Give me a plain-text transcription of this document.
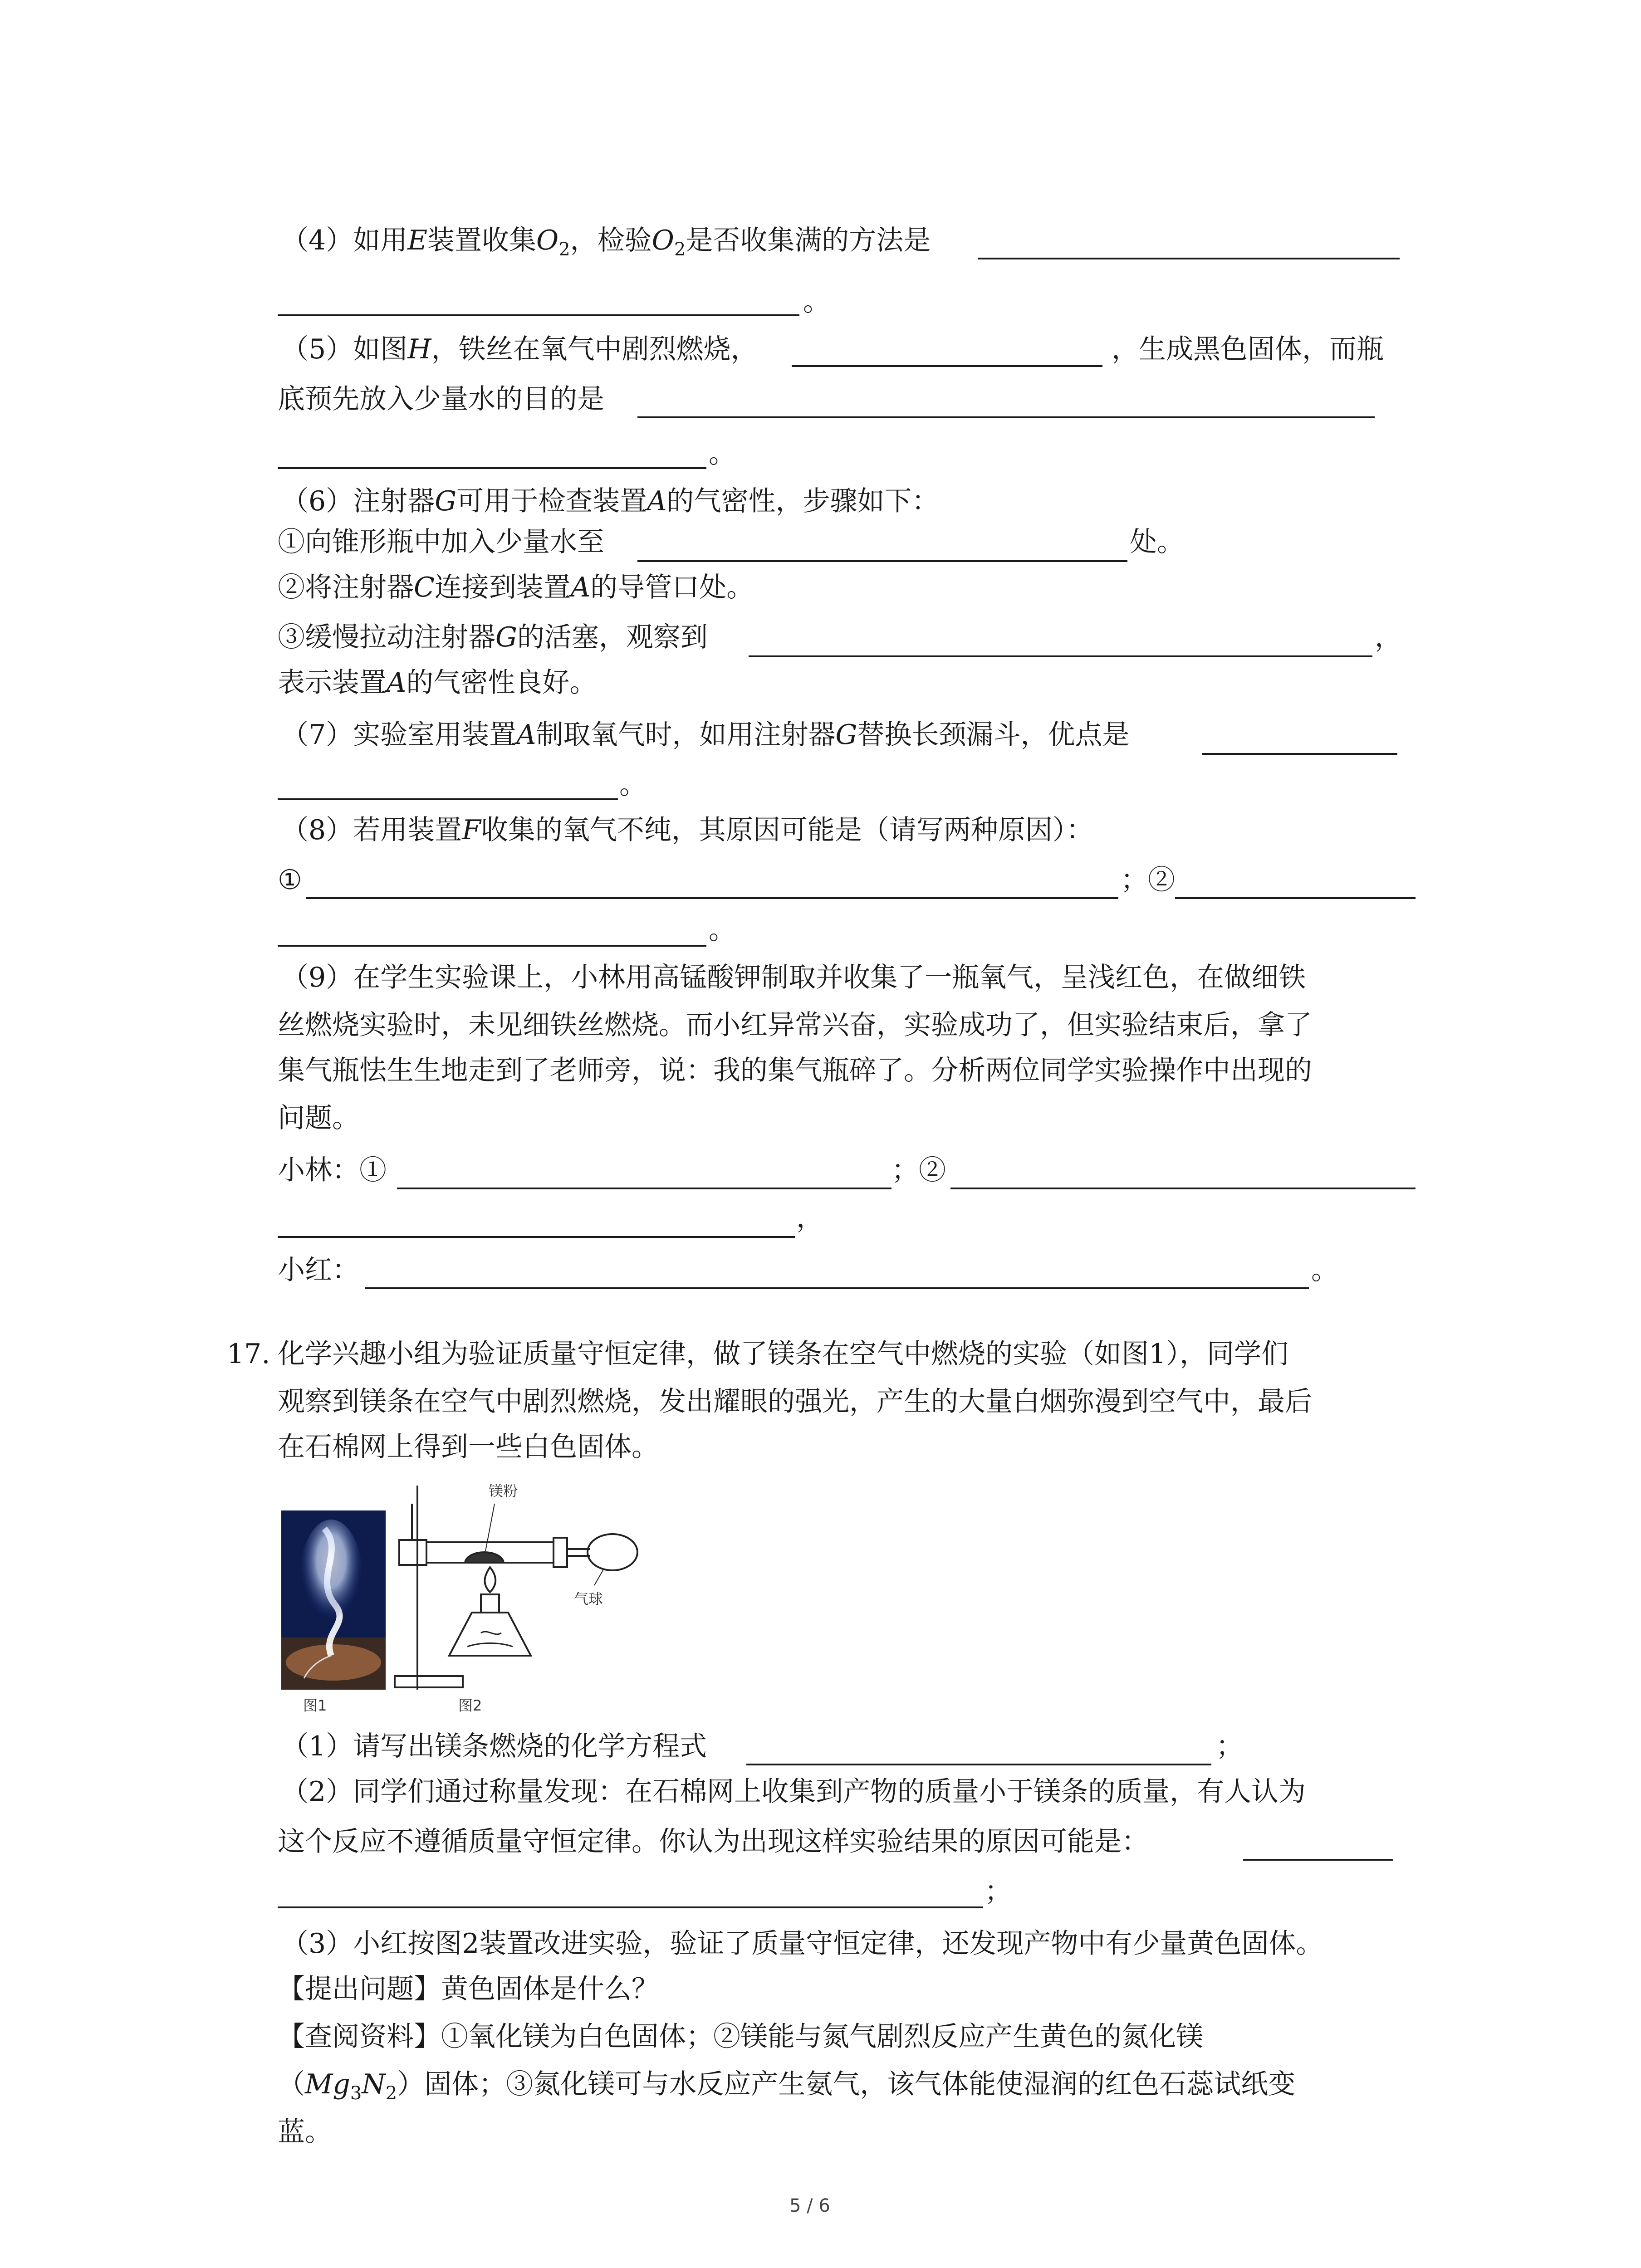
（4）如用E装置收集$O_2$，检验$O_2$是否收集满的方法是
。
（5）如图H，铁丝在氧气中剧烈燃烧，	，生成黑色固体，而瓶
底预先放入少量水的目的是
。
（6）注射器G可用于检查装置A的气密性，步骤如下：
①向锥形瓶中加入少量水至	处。
②将注射器C连接到装置A的导管口处。
③缓慢拉动注射器G的活塞，观察到	，
表示装置A的气密性良好。
（7）实验室用装置A制取氧气时，如用注射器G替换长颈漏斗，优点是
。
（8）若用装置F收集的氧气不纯，其原因可能是（请写两种原因）：
①	；②
。
（9）在学生实验课上，小林用高锰酸钾制取并收集了一瓶氧气，呈浅红色，在做细铁
丝燃烧实验时，未见细铁丝燃烧。而小红异常兴奋，实验成功了，但实验结束后，拿了
集气瓶怯生生地走到了老师旁，说：我的集气瓶碎了。分析两位同学实验操作中出现的
问题。
小林：①	；②
，
小红：	。
17. 化学兴趣小组为验证质量守恒定律，做了镁条在空气中燃烧的实验（如图1），同学们
观察到镁条在空气中剧烈燃烧，发出耀眼的强光，产生的大量白烟弥漫到空气中，最后
在石棉网上得到一些白色固体。
图1
镁粉
气球
图2
（1）请写出镁条燃烧的化学方程式	；
（2）同学们通过称量发现：在石棉网上收集到产物的质量小于镁条的质量，有人认为
这个反应不遵循质量守恒定律。你认为出现这样实验结果的原因可能是：
；
（3）小红按图2装置改进实验，验证了质量守恒定律，还发现产物中有少量黄色固体。
【提出问题】黄色固体是什么？
【查阅资料】①氧化镁为白色固体；②镁能与氮气剧烈反应产生黄色的氮化镁
$(Mg_3N_2)$固体；③氮化镁可与水反应产生氨气，该气体能使湿润的红色石蕊试纸变
蓝。
5 / 6
